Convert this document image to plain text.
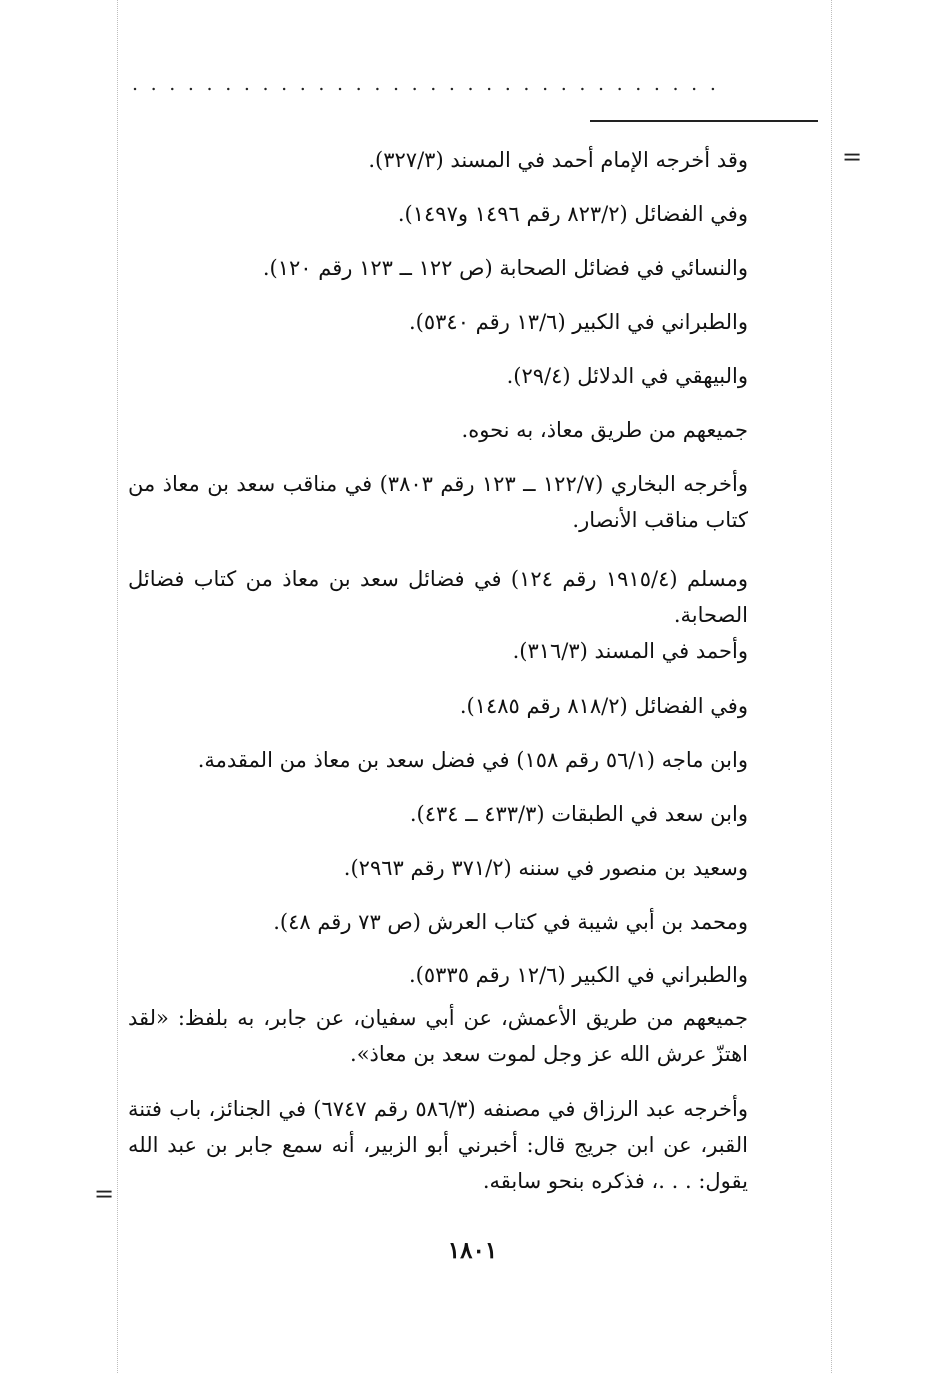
................................
=
=
وقد أخرجه الإمام أحمد في المسند (٣٢٧/٣).
وفي الفضائل (٨٢٣/٢ رقم ١٤٩٦ و١٤٩٧).
والنسائي في فضائل الصحابة (ص ١٢٢ ــ ١٢٣ رقم ١٢٠).
والطبراني في الكبير (١٣/٦ رقم ٥٣٤٠).
والبيهقي في الدلائل (٢٩/٤).
جميعهم من طريق معاذ، به نحوه.
وأخرجه البخاري (١٢٢/٧ ــ ١٢٣ رقم ٣٨٠٣) في مناقب سعد بن معاذ من كتاب مناقب الأنصار.
ومسلم (١٩١٥/٤ رقم ١٢٤) في فضائل سعد بن معاذ من كتاب فضائل الصحابة.
وأحمد في المسند (٣١٦/٣).
وفي الفضائل (٨١٨/٢ رقم ١٤٨٥).
وابن ماجه (٥٦/١ رقم ١٥٨) في فضل سعد بن معاذ من المقدمة.
وابن سعد في الطبقات (٤٣٣/٣ ــ ٤٣٤).
وسعيد بن منصور في سننه (٣٧١/٢ رقم ٢٩٦٣).
ومحمد بن أبي شيبة في كتاب العرش (ص ٧٣ رقم ٤٨).
والطبراني في الكبير (١٢/٦ رقم ٥٣٣٥).
جميعهم من طريق الأعمش، عن أبي سفيان، عن جابر، به بلفظ: «لقد اهتزّ عرش الله عز وجل لموت سعد بن معاذ».
وأخرجه عبد الرزاق في مصنفه (٥٨٦/٣ رقم ٦٧٤٧) في الجنائز، باب فتنة القبر، عن ابن جريج قال: أخبرني أبو الزبير، أنه سمع جابر بن عبد الله يقول: . . .، فذكره بنحو سابقه.
١٨٠١
